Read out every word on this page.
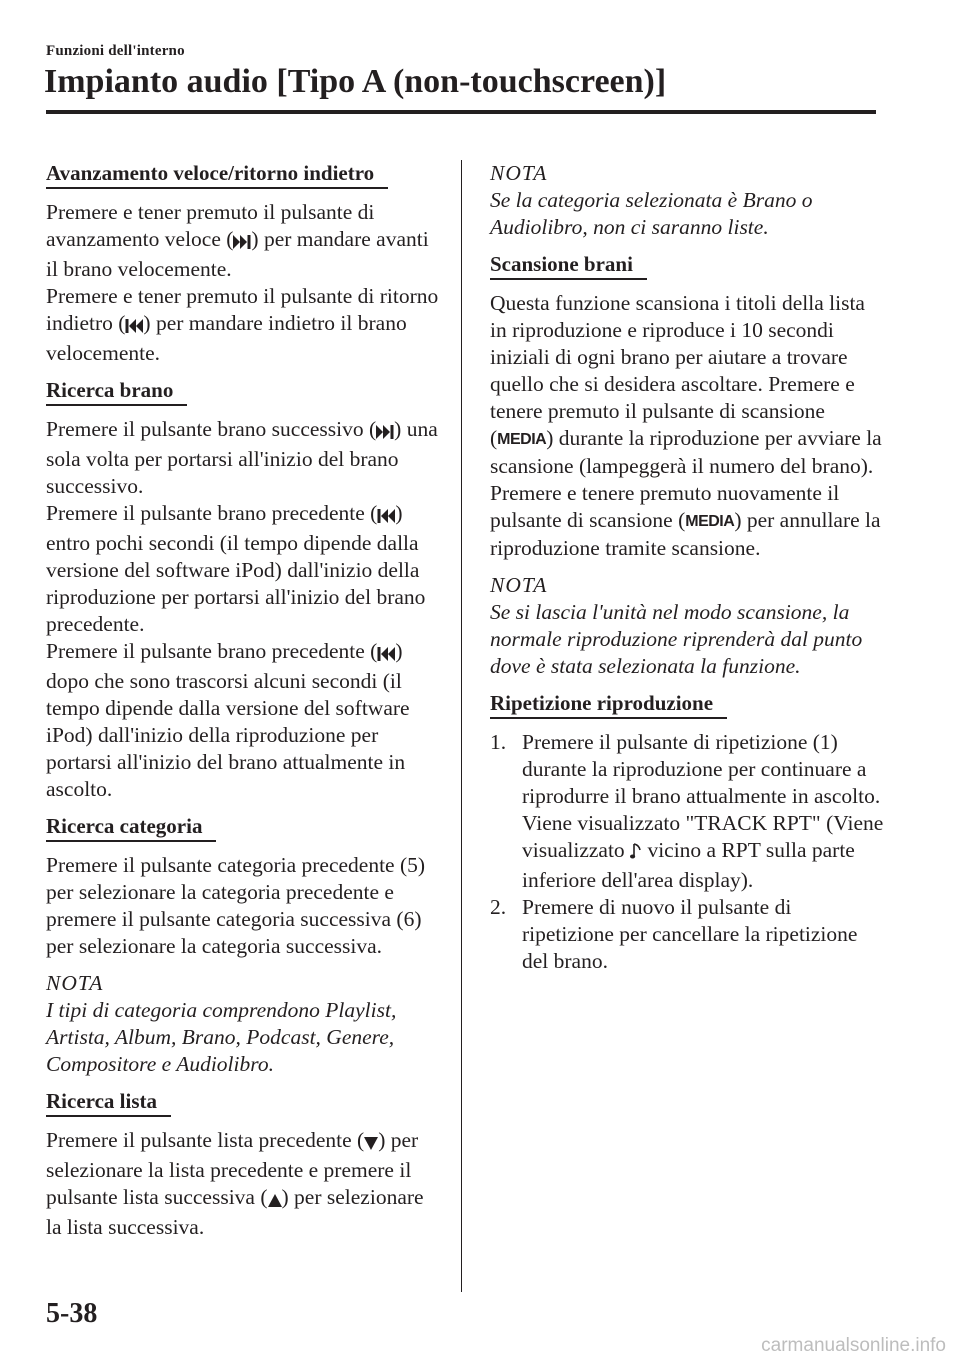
Funzioni dell'interno
Impianto audio [Tipo A (non-touchscreen)]
Avanzamento veloce/ritorno indietro

Premere e tener premuto il pulsante di avanzamento veloce ( ) per mandare avanti il brano velocemente.

Premere e tener premuto il pulsante di ritorno indietro ( ) per mandare indietro il brano velocemente.

Ricerca brano

Premere il pulsante brano successivo ( ) una sola volta per portarsi all'inizio del brano successivo.

Premere il pulsante brano precedente ( ) entro pochi secondi (il tempo dipende dalla versione del software iPod) dall'inizio della riproduzione per portarsi all'inizio del brano precedente.

Premere il pulsante brano precedente ( ) dopo che sono trascorsi alcuni secondi (il tempo dipende dalla versione del software iPod) dall'inizio della riproduzione per portarsi all'inizio del brano attualmente in ascolto.

Ricerca categoria

Premere il pulsante categoria precedente (5) per selezionare la categoria precedente e premere il pulsante categoria successiva (6) per selezionare la categoria successiva.

NOTA

I tipi di categoria comprendono Playlist, Artista, Album, Brano, Podcast, Genere, Compositore e Audiolibro.

Ricerca lista

Premere il pulsante lista precedente ( ) per selezionare la lista precedente e premere il pulsante lista successiva ( ) per selezionare la lista successiva.

NOTA

Se la categoria selezionata è Brano o Audiolibro, non ci saranno liste.

Scansione brani

Questa funzione scansiona i titoli della lista in riproduzione e riproduce i 10 secondi iniziali di ogni brano per aiutare a trovare quello che si desidera ascoltare. Premere e tenere premuto il pulsante di scansione (MEDIA) durante la riproduzione per avviare la scansione (lampeggerà il numero del brano). Premere e tenere premuto nuovamente il pulsante di scansione (MEDIA) per annullare la riproduzione tramite scansione.

NOTA

Se si lascia l'unità nel modo scansione, la normale riproduzione riprenderà dal punto dove è stata selezionata la funzione.

Ripetizione riproduzione
1. Premere il pulsante di ripetizione (1) durante la riproduzione per continuare a riprodurre il brano attualmente in ascolto. Viene visualizzato "TRACK RPT" (Viene visualizzato  vicino a RPT sulla parte inferiore dell'area display).
2. Premere di nuovo il pulsante di ripetizione per cancellare la ripetizione del brano.
5-38
carmanualsonline.info
